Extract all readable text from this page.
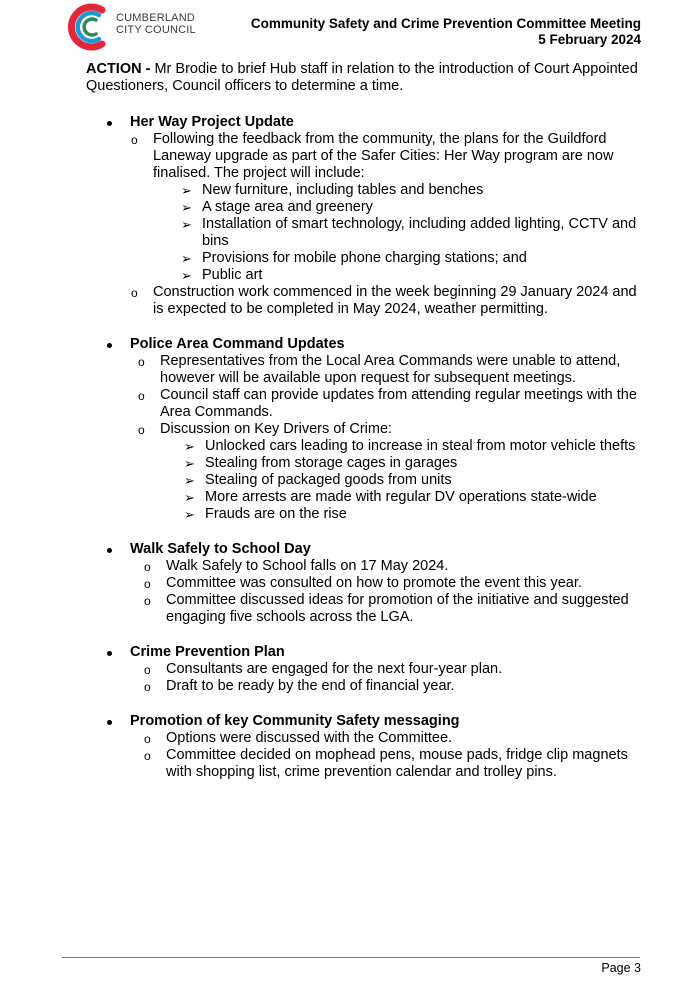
CUMBERLAND
CITY COUNCIL	Community Safety and Crime Prevention Committee Meeting
5 February 2024
ACTION - Mr Brodie to brief Hub staff in relation to the introduction of Court Appointed Questioners, Council officers to determine a time.
Her Way Project Update
o Following the feedback from the community, the plans for the Guildford Laneway upgrade as part of the Safer Cities: Her Way program are now finalised. The project will include:
➢ New furniture, including tables and benches
➢ A stage area and greenery
➢ Installation of smart technology, including added lighting, CCTV and bins
➢ Provisions for mobile phone charging stations; and
➢ Public art
o Construction work commenced in the week beginning 29 January 2024 and is expected to be completed in May 2024, weather permitting.
Police Area Command Updates
o Representatives from the Local Area Commands were unable to attend, however will be available upon request for subsequent meetings.
o Council staff can provide updates from attending regular meetings with the Area Commands.
o Discussion on Key Drivers of Crime:
➢ Unlocked cars leading to increase in steal from motor vehicle thefts
➢ Stealing from storage cages in garages
➢ Stealing of packaged goods from units
➢ More arrests are made with regular DV operations state-wide
➢ Frauds are on the rise
Walk Safely to School Day
o Walk Safely to School falls on 17 May 2024.
o Committee was consulted on how to promote the event this year.
o Committee discussed ideas for promotion of the initiative and suggested engaging five schools across the LGA.
Crime Prevention Plan
o Consultants are engaged for the next four-year plan.
o Draft to be ready by the end of financial year.
Promotion of key Community Safety messaging
o Options were discussed with the Committee.
o Committee decided on mophead pens, mouse pads, fridge clip magnets with shopping list, crime prevention calendar and trolley pins.
Page 3
